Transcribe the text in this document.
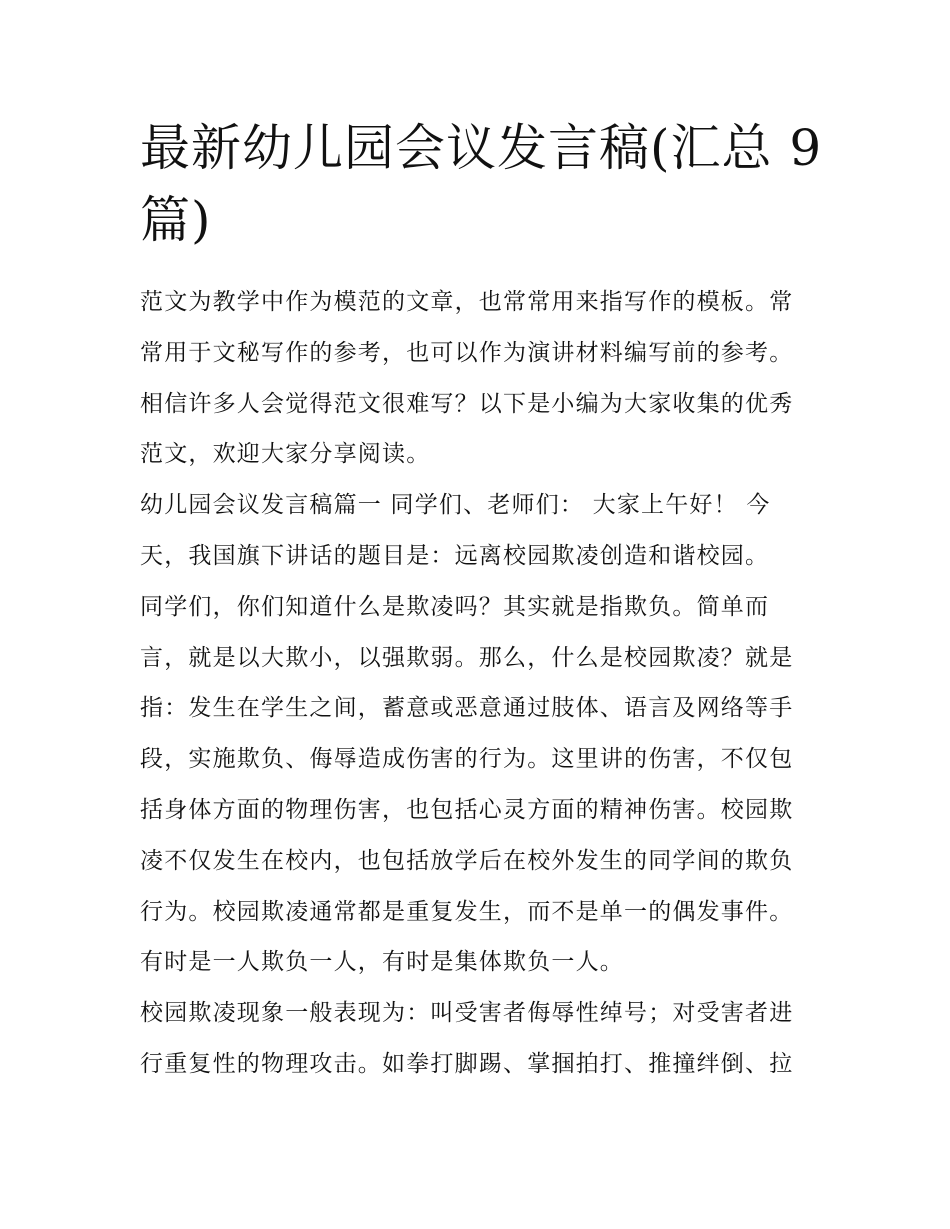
最新幼儿园会议发言稿(汇总 9
篇)

范文为教学中作为模范的文章，也常常用来指写作的模板。常
常用于文秘写作的参考，也可以作为演讲材料编写前的参考。
相信许多人会觉得范文很难写？以下是小编为大家收集的优秀
范文，欢迎大家分享阅读。

幼儿园会议发言稿篇一 同学们、老师们： 大家上午好！ 今
天，我国旗下讲话的题目是：远离校园欺凌创造和谐校园。
同学们，你们知道什么是欺凌吗？其实就是指欺负。简单而
言，就是以大欺小，以强欺弱。那么，什么是校园欺凌？就是
指：发生在学生之间，蓄意或恶意通过肢体、语言及网络等手
段，实施欺负、侮辱造成伤害的行为。这里讲的伤害，不仅包
括身体方面的物理伤害，也包括心灵方面的精神伤害。校园欺
凌不仅发生在校内，也包括放学后在校外发生的同学间的欺负
行为。校园欺凌通常都是重复发生，而不是单一的偶发事件。
有时是一人欺负一人，有时是集体欺负一人。

校园欺凌现象一般表现为：叫受害者侮辱性绰号；对受害者进
行重复性的物理攻击。如拳打脚踢、掌掴拍打、推撞绊倒、拉
